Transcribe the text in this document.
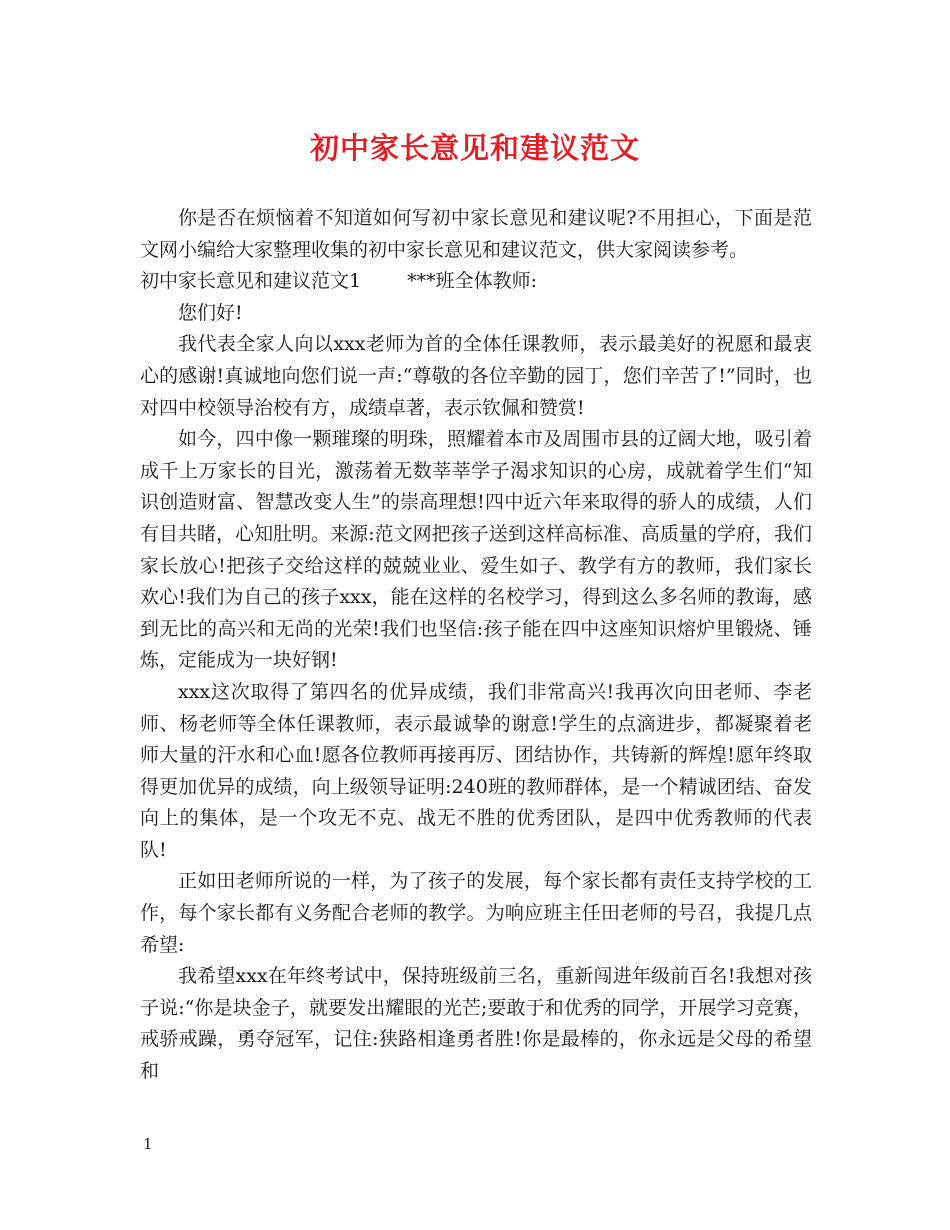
初中家长意见和建议范文

你是否在烦恼着不知道如何写初中家长意见和建议呢?不用担心，下面是范文网小编给大家整理收集的初中家长意见和建议范文，供大家阅读参考。

初中家长意见和建议范文1 ***班全体教师:

您们好!

我代表全家人向以xxx老师为首的全体任课教师，表示最美好的祝愿和最衷心的感谢!真诚地向您们说一声:“尊敬的各位辛勤的园丁，您们辛苦了!”同时，也对四中校领导治校有方，成绩卓著，表示钦佩和赞赏!

如今，四中像一颗璀璨的明珠，照耀着本市及周围市县的辽阔大地，吸引着成千上万家长的目光，激荡着无数莘莘学子渴求知识的心房，成就着学生们“知识创造财富、智慧改变人生”的崇高理想!四中近六年来取得的骄人的成绩，人们有目共睹，心知肚明。来源:范文网把孩子送到这样高标准、高质量的学府，我们家长放心!把孩子交给这样的兢兢业业、爱生如子、教学有方的教师，我们家长欢心!我们为自己的孩子xxx，能在这样的名校学习，得到这么多名师的教诲，感到无比的高兴和无尚的光荣!我们也坚信:孩子能在四中这座知识熔炉里锻烧、锤炼，定能成为一块好钢!

xxx这次取得了第四名的优异成绩，我们非常高兴!我再次向田老师、李老师、杨老师等全体任课教师，表示最诚挚的谢意!学生的点滴进步，都凝聚着老师大量的汗水和心血!愿各位教师再接再厉、团结协作，共铸新的辉煌!愿年终取得更加优异的成绩，向上级领导证明:240班的教师群体，是一个精诚团结、奋发向上的集体，是一个攻无不克、战无不胜的优秀团队，是四中优秀教师的代表队!

正如田老师所说的一样，为了孩子的发展，每个家长都有责任支持学校的工作，每个家长都有义务配合老师的教学。为响应班主任田老师的号召，我提几点希望:

我希望xxx在年终考试中，保持班级前三名，重新闯进年级前百名!我想对孩子说:“你是块金子，就要发出耀眼的光芒;要敢于和优秀的同学，开展学习竞赛，戒骄戒躁，勇夺冠军，记住:狭路相逢勇者胜!你是最棒的，你永远是父母的希望和

1
